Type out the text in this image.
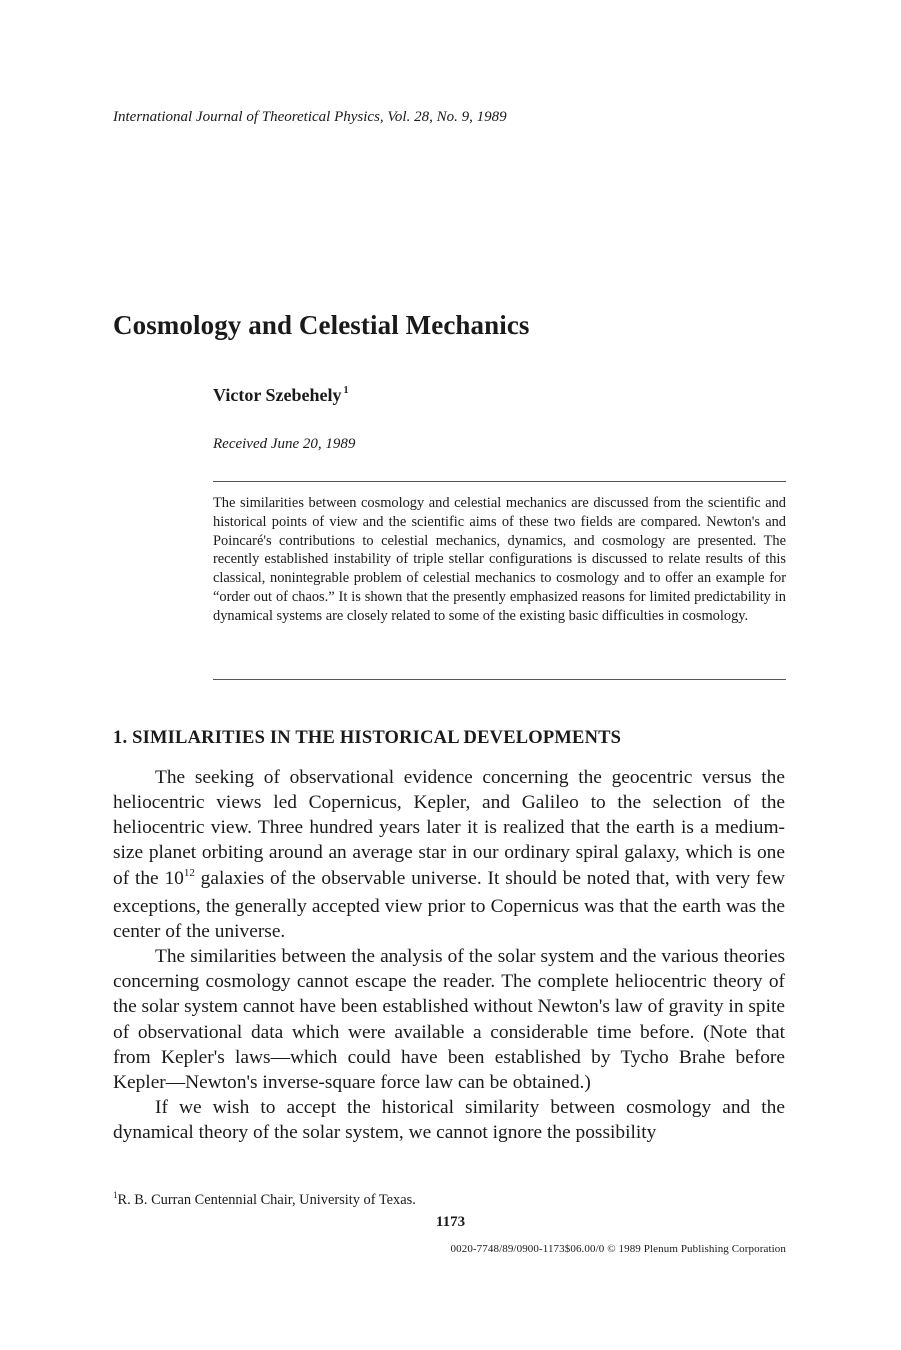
International Journal of Theoretical Physics, Vol. 28, No. 9, 1989
Cosmology and Celestial Mechanics
Victor Szebehely $^1$
Received June 20, 1989
The similarities between cosmology and celestial mechanics are discussed from the scientific and historical points of view and the scientific aims of these two fields are compared. Newton's and Poincaré's contributions to celestial mechanics, dynamics, and cosmology are presented. The recently established instability of triple stellar configurations is discussed to relate results of this classical, nonintegrable problem of celestial mechanics to cosmology and to offer an example for “order out of chaos.” It is shown that the presently emphasized reasons for limited predictability in dynamical systems are closely related to some of the existing basic difficulties in cosmology.
1. SIMILARITIES IN THE HISTORICAL DEVELOPMENTS

The seeking of observational evidence concerning the geocentric versus the heliocentric views led Copernicus, Kepler, and Galileo to the selection of the heliocentric view. Three hundred years later it is realized that the earth is a medium-size planet orbiting around an average star in our ordinary spiral galaxy, which is one of the $10^{12}$ galaxies of the observable universe. It should be noted that, with very few exceptions, the generally accepted view prior to Copernicus was that the earth was the center of the universe.

The similarities between the analysis of the solar system and the various theories concerning cosmology cannot escape the reader. The complete heliocentric theory of the solar system cannot have been established without Newton's law of gravity in spite of observational data which were available a considerable time before. (Note that from Kepler's laws—which could have been established by Tycho Brahe before Kepler—Newton's inverse-square force law can be obtained.)

If we wish to accept the historical similarity between cosmology and the dynamical theory of the solar system, we cannot ignore the possibility

$^1$R. B. Curran Centennial Chair, University of Texas.
1173
0020-7748/89/0900-1173$06.00/0 © 1989 Plenum Publishing Corporation
